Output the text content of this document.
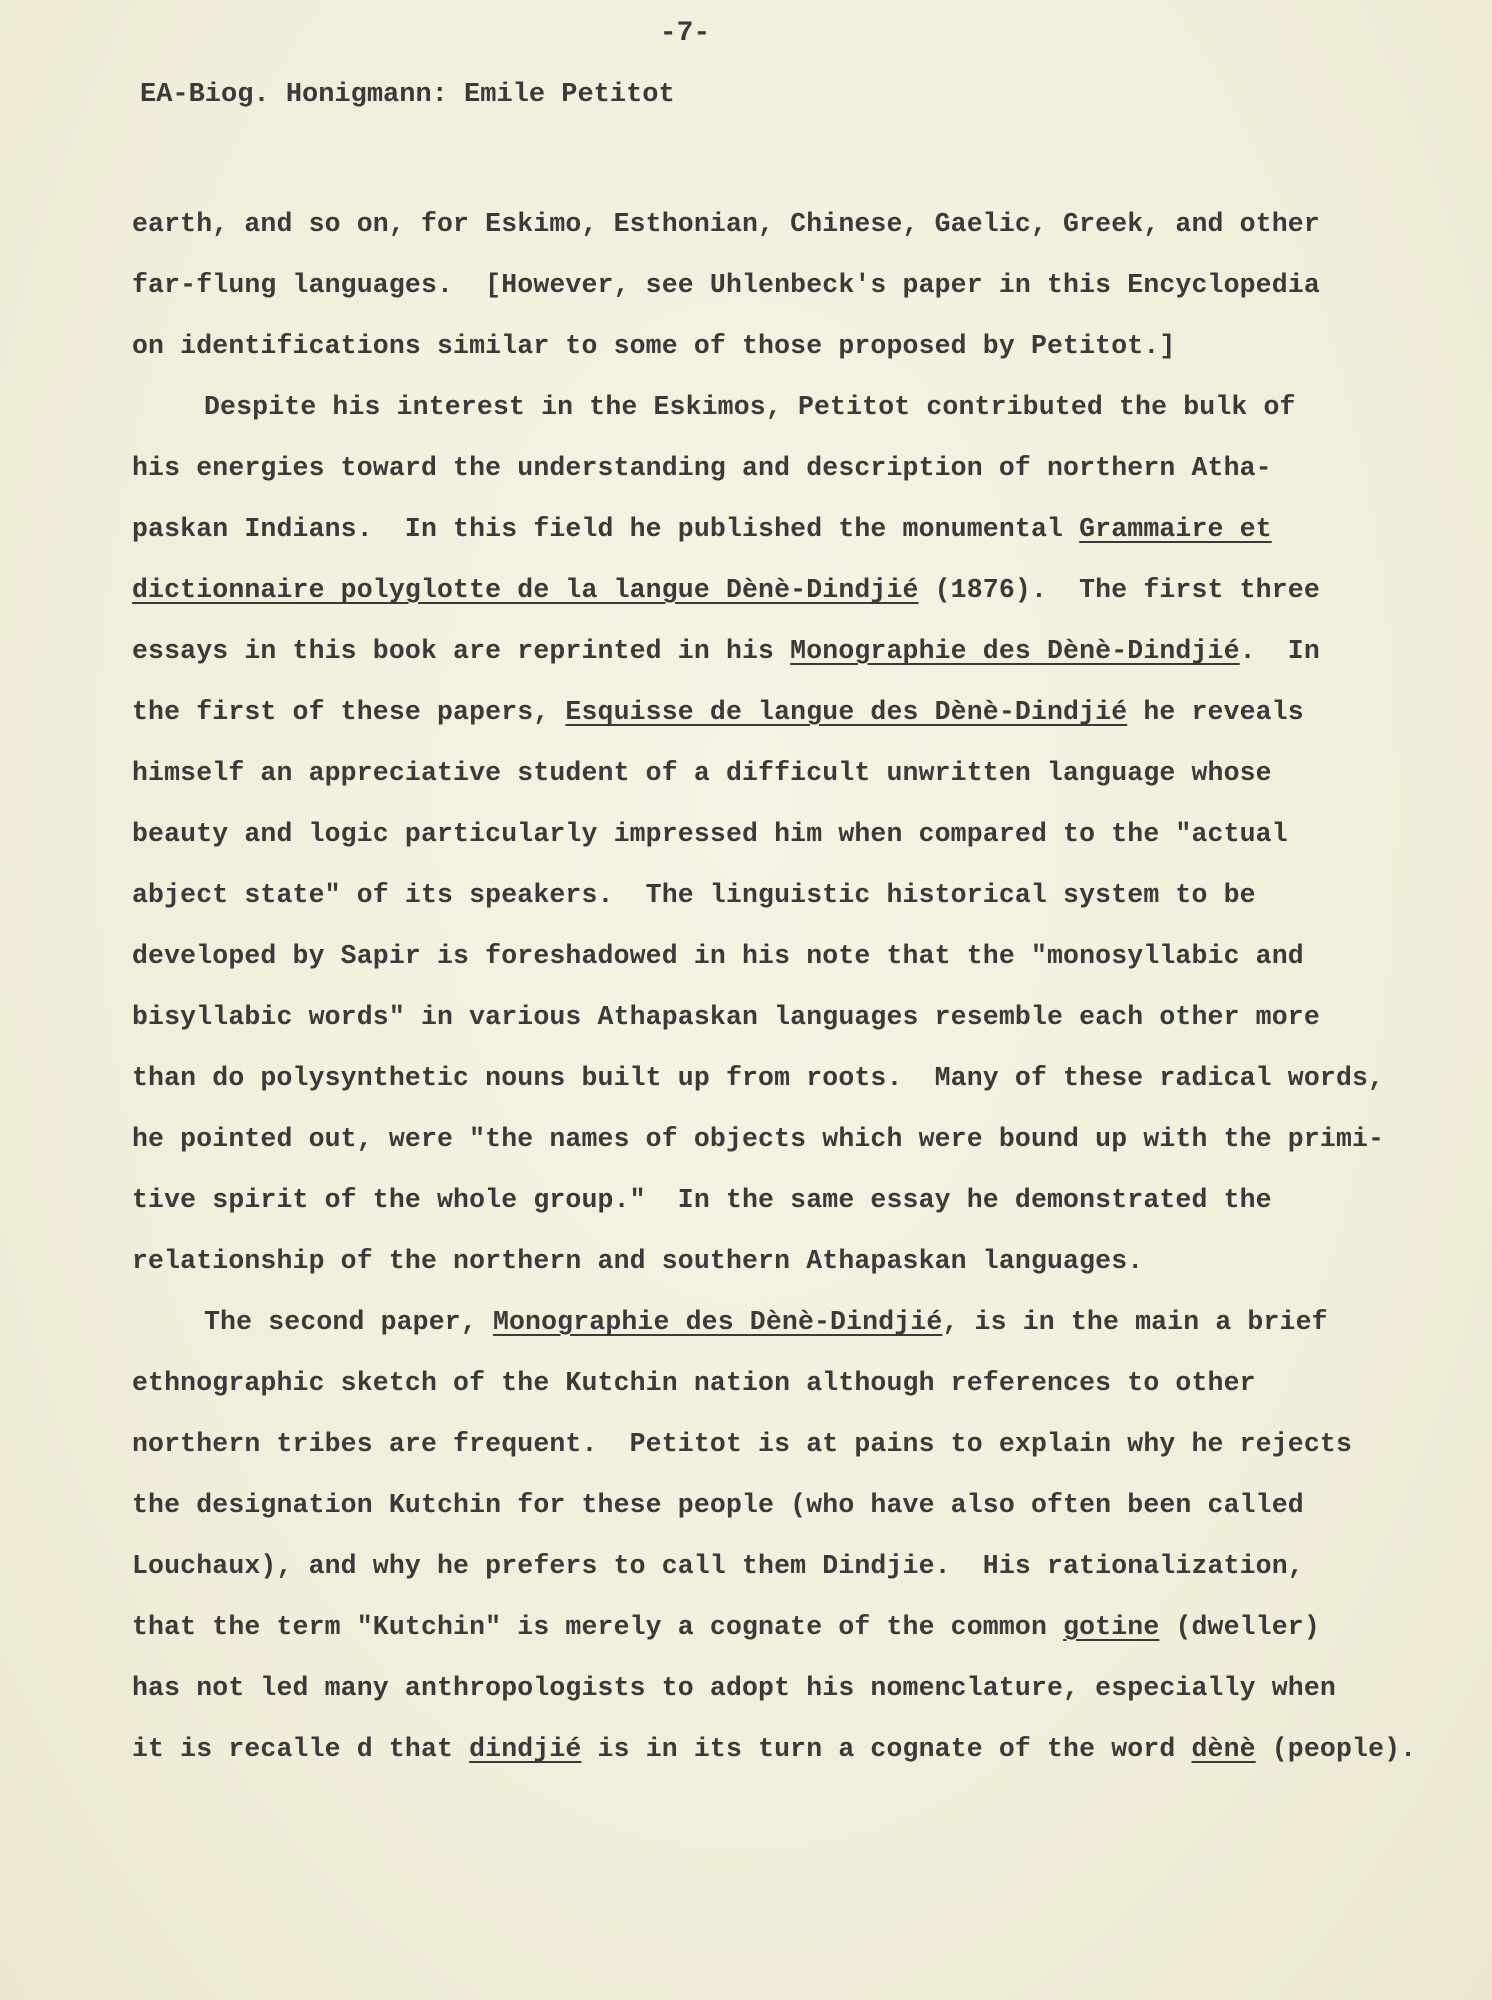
-7-
EA-Biog. Honigmann: Emile Petitot
earth, and so on, for Eskimo, Esthonian, Chinese, Gaelic, Greek, and other
far-flung languages.  [However, see Uhlenbeck's paper in this Encyclopedia
on identifications similar to some of those proposed by Petitot.]
Despite his interest in the Eskimos, Petitot contributed the bulk of
his energies toward the understanding and description of northern Atha-
paskan Indians.  In this field he published the monumental Grammaire et
dictionnaire polyglotte de la langue Dènè-Dindjié (1876).  The first three
essays in this book are reprinted in his Monographie des Dènè-Dindjié.  In
the first of these papers, Esquisse de langue des Dènè-Dindjié he reveals
himself an appreciative student of a difficult unwritten language whose
beauty and logic particularly impressed him when compared to the "actual
abject state" of its speakers.  The linguistic historical system to be
developed by Sapir is foreshadowed in his note that the "monosyllabic and
bisyllabic words" in various Athapaskan languages resemble each other more
than do polysynthetic nouns built up from roots.  Many of these radical words,
he pointed out, were "the names of objects which were bound up with the primi-
tive spirit of the whole group."  In the same essay he demonstrated the
relationship of the northern and southern Athapaskan languages.
The second paper, Monographie des Dènè-Dindjié, is in the main a brief
ethnographic sketch of the Kutchin nation although references to other
northern tribes are frequent.  Petitot is at pains to explain why he rejects
the designation Kutchin for these people (who have also often been called
Louchaux), and why he prefers to call them Dindjie.  His rationalization,
that the term "Kutchin" is merely a cognate of the common gotine (dweller)
has not led many anthropologists to adopt his nomenclature, especially when
it is recalle d that dindjié is in its turn a cognate of the word dènè (people).
